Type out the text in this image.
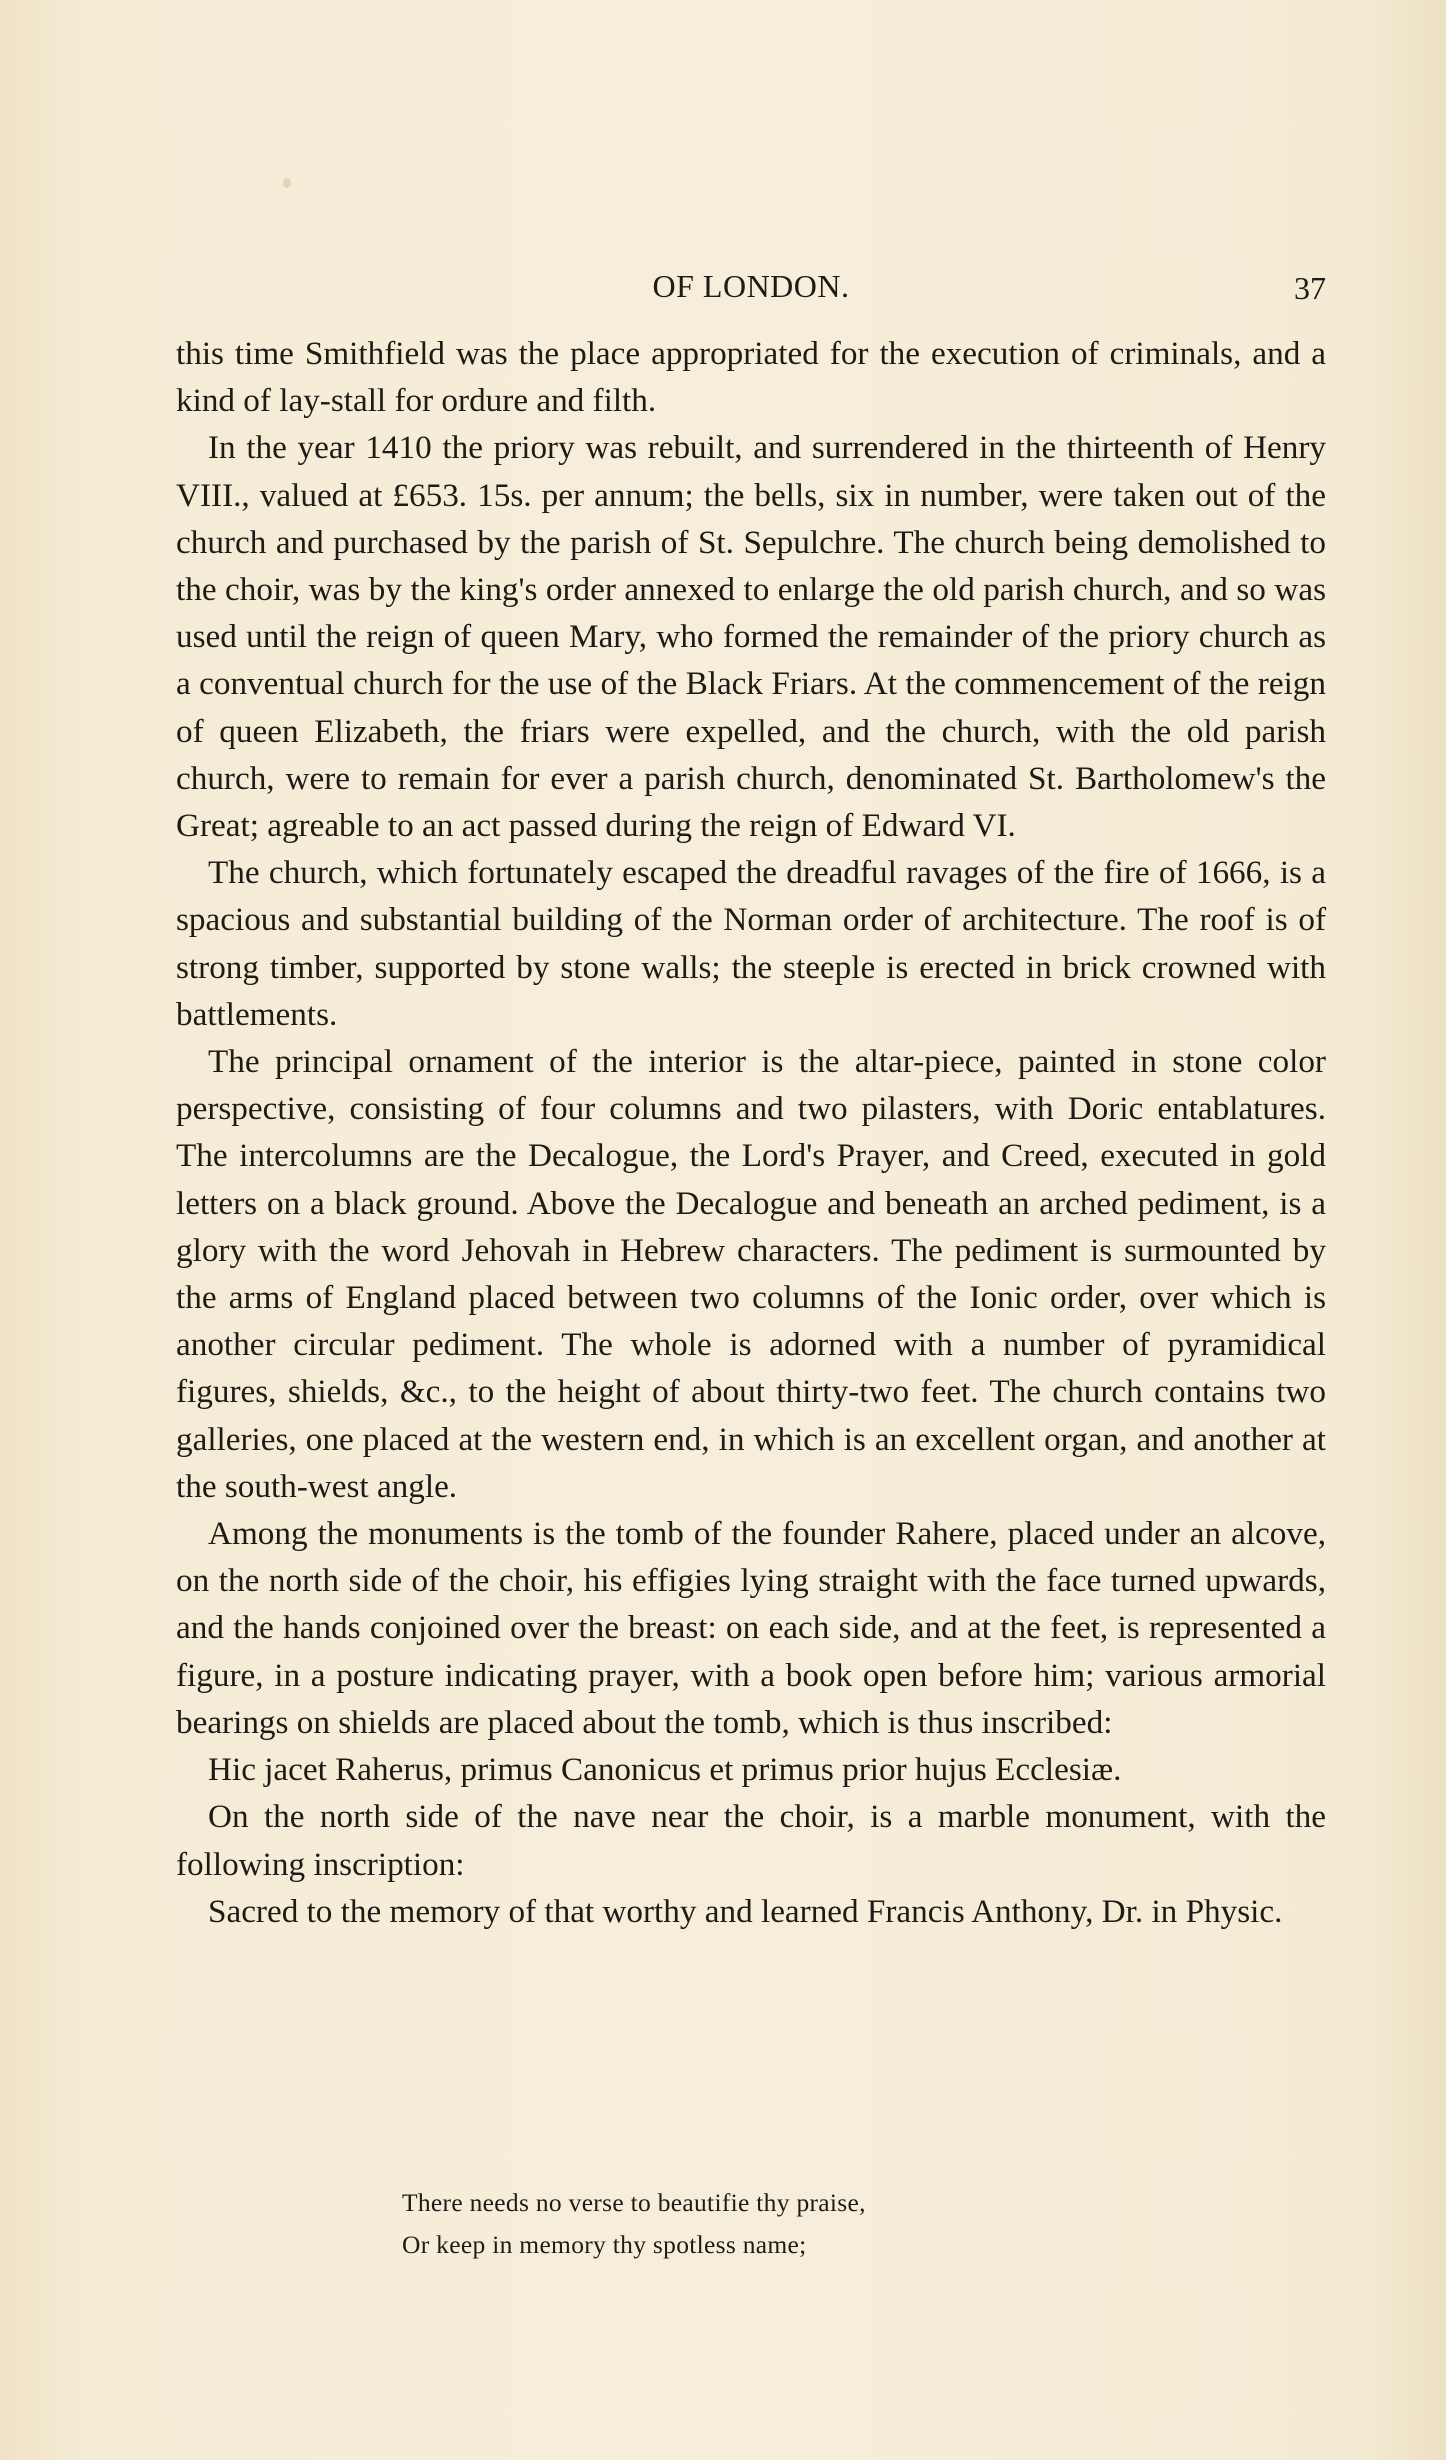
OF LONDON.	37

this time Smithfield was the place appropriated for the execution of criminals, and a kind of lay-stall for ordure and filth.

In the year 1410 the priory was rebuilt, and surrendered in the thirteenth of Henry VIII., valued at £653. 15s. per annum; the bells, six in number, were taken out of the church and purchased by the parish of St. Sepulchre. The church being demolished to the choir, was by the king's order annexed to enlarge the old parish church, and so was used until the reign of queen Mary, who formed the remainder of the priory church as a conventual church for the use of the Black Friars. At the commencement of the reign of queen Elizabeth, the friars were expelled, and the church, with the old parish church, were to remain for ever a parish church, denominated St. Bartholomew's the Great; agreable to an act passed during the reign of Edward VI.

The church, which fortunately escaped the dreadful ravages of the fire of 1666, is a spacious and substantial building of the Norman order of architecture. The roof is of strong timber, supported by stone walls; the steeple is erected in brick crowned with battlements.

The principal ornament of the interior is the altar-piece, painted in stone color perspective, consisting of four columns and two pilasters, with Doric entablatures. The intercolumns are the Decalogue, the Lord's Prayer, and Creed, executed in gold letters on a black ground. Above the Decalogue and beneath an arched pediment, is a glory with the word Jehovah in Hebrew characters. The pediment is surmounted by the arms of England placed between two columns of the Ionic order, over which is another circular pediment. The whole is adorned with a number of pyramidical figures, shields, &c., to the height of about thirty-two feet. The church contains two galleries, one placed at the western end, in which is an excellent organ, and another at the south-west angle.

Among the monuments is the tomb of the founder Rahere, placed under an alcove, on the north side of the choir, his effigies lying straight with the face turned upwards, and the hands conjoined over the breast: on each side, and at the feet, is represented a figure, in a posture indicating prayer, with a book open before him; various armorial bearings on shields are placed about the tomb, which is thus inscribed:

Hic jacet Raherus, primus Canonicus et primus prior hujus Ecclesiæ.

On the north side of the nave near the choir, is a marble monument, with the following inscription:

Sacred to the memory of that worthy and learned Francis Anthony, Dr. in Physic.

There needs no verse to beautifie thy praise,
Or keep in memory thy spotless name;
